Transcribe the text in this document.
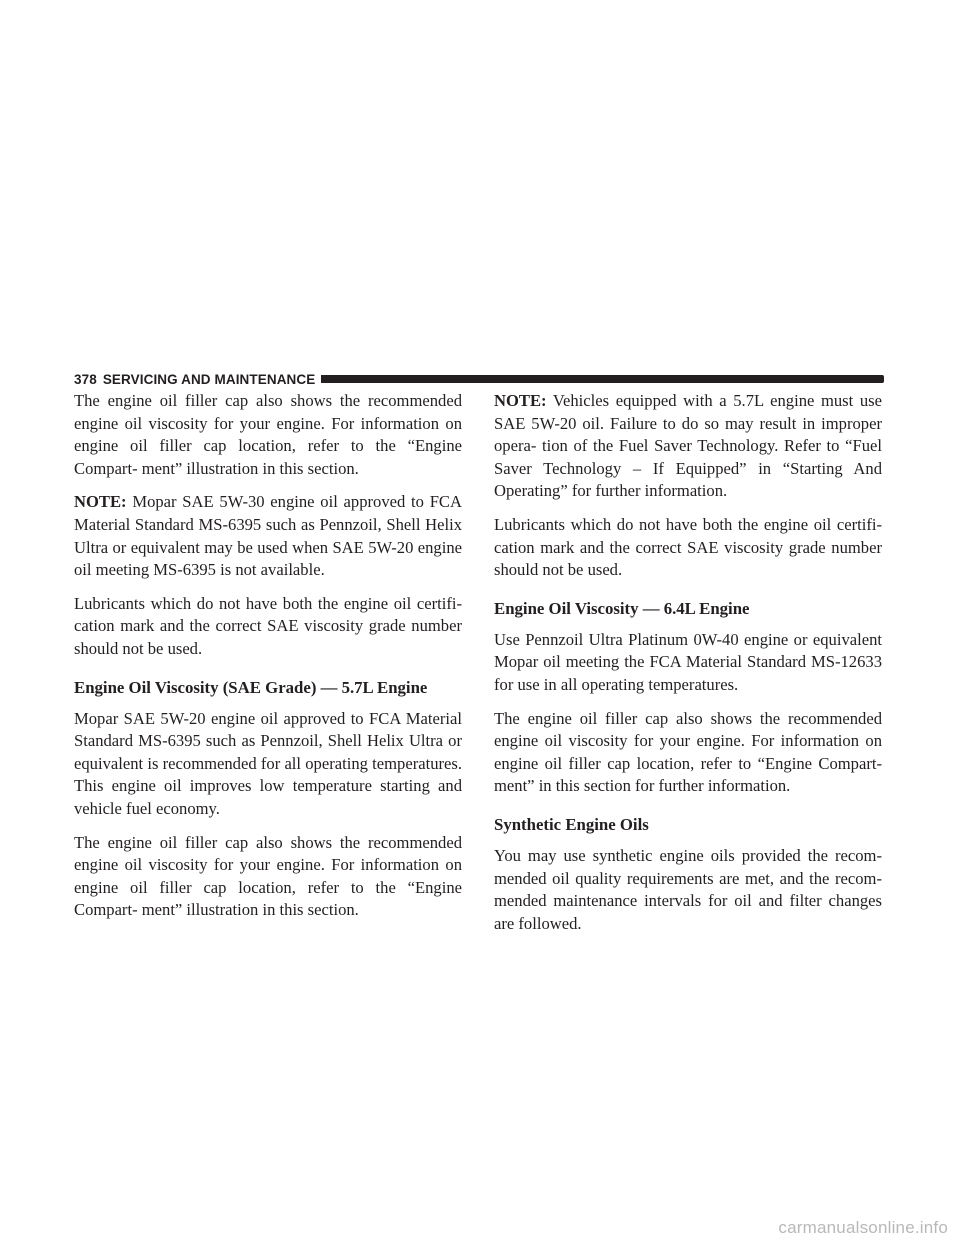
378 SERVICING AND MAINTENANCE

The engine oil filler cap also shows the recommended engine oil viscosity for your engine. For information on engine oil filler cap location, refer to the “Engine Compart- ment” illustration in this section.

NOTE: Mopar SAE 5W-30 engine oil approved to FCA Material Standard MS-6395 such as Pennzoil, Shell Helix Ultra or equivalent may be used when SAE 5W-20 engine oil meeting MS-6395 is not available.

Lubricants which do not have both the engine oil certifi- cation mark and the correct SAE viscosity grade number should not be used.

Engine Oil Viscosity (SAE Grade) — 5.7L Engine

Mopar SAE 5W-20 engine oil approved to FCA Material Standard MS-6395 such as Pennzoil, Shell Helix Ultra or equivalent is recommended for all operating temperatures. This engine oil improves low temperature starting and vehicle fuel economy.

The engine oil filler cap also shows the recommended engine oil viscosity for your engine. For information on engine oil filler cap location, refer to the “Engine Compart- ment” illustration in this section.

NOTE: Vehicles equipped with a 5.7L engine must use SAE 5W-20 oil. Failure to do so may result in improper opera- tion of the Fuel Saver Technology. Refer to “Fuel Saver Technology – If Equipped” in “Starting And Operating” for further information.

Lubricants which do not have both the engine oil certifi- cation mark and the correct SAE viscosity grade number should not be used.

Engine Oil Viscosity — 6.4L Engine

Use Pennzoil Ultra Platinum 0W-40 engine or equivalent Mopar oil meeting the FCA Material Standard MS-12633 for use in all operating temperatures.

The engine oil filler cap also shows the recommended engine oil viscosity for your engine. For information on engine oil filler cap location, refer to “Engine Compart- ment” in this section for further information.

Synthetic Engine Oils

You may use synthetic engine oils provided the recom- mended oil quality requirements are met, and the recom- mended maintenance intervals for oil and filter changes are followed.

carmanualsonline.info
